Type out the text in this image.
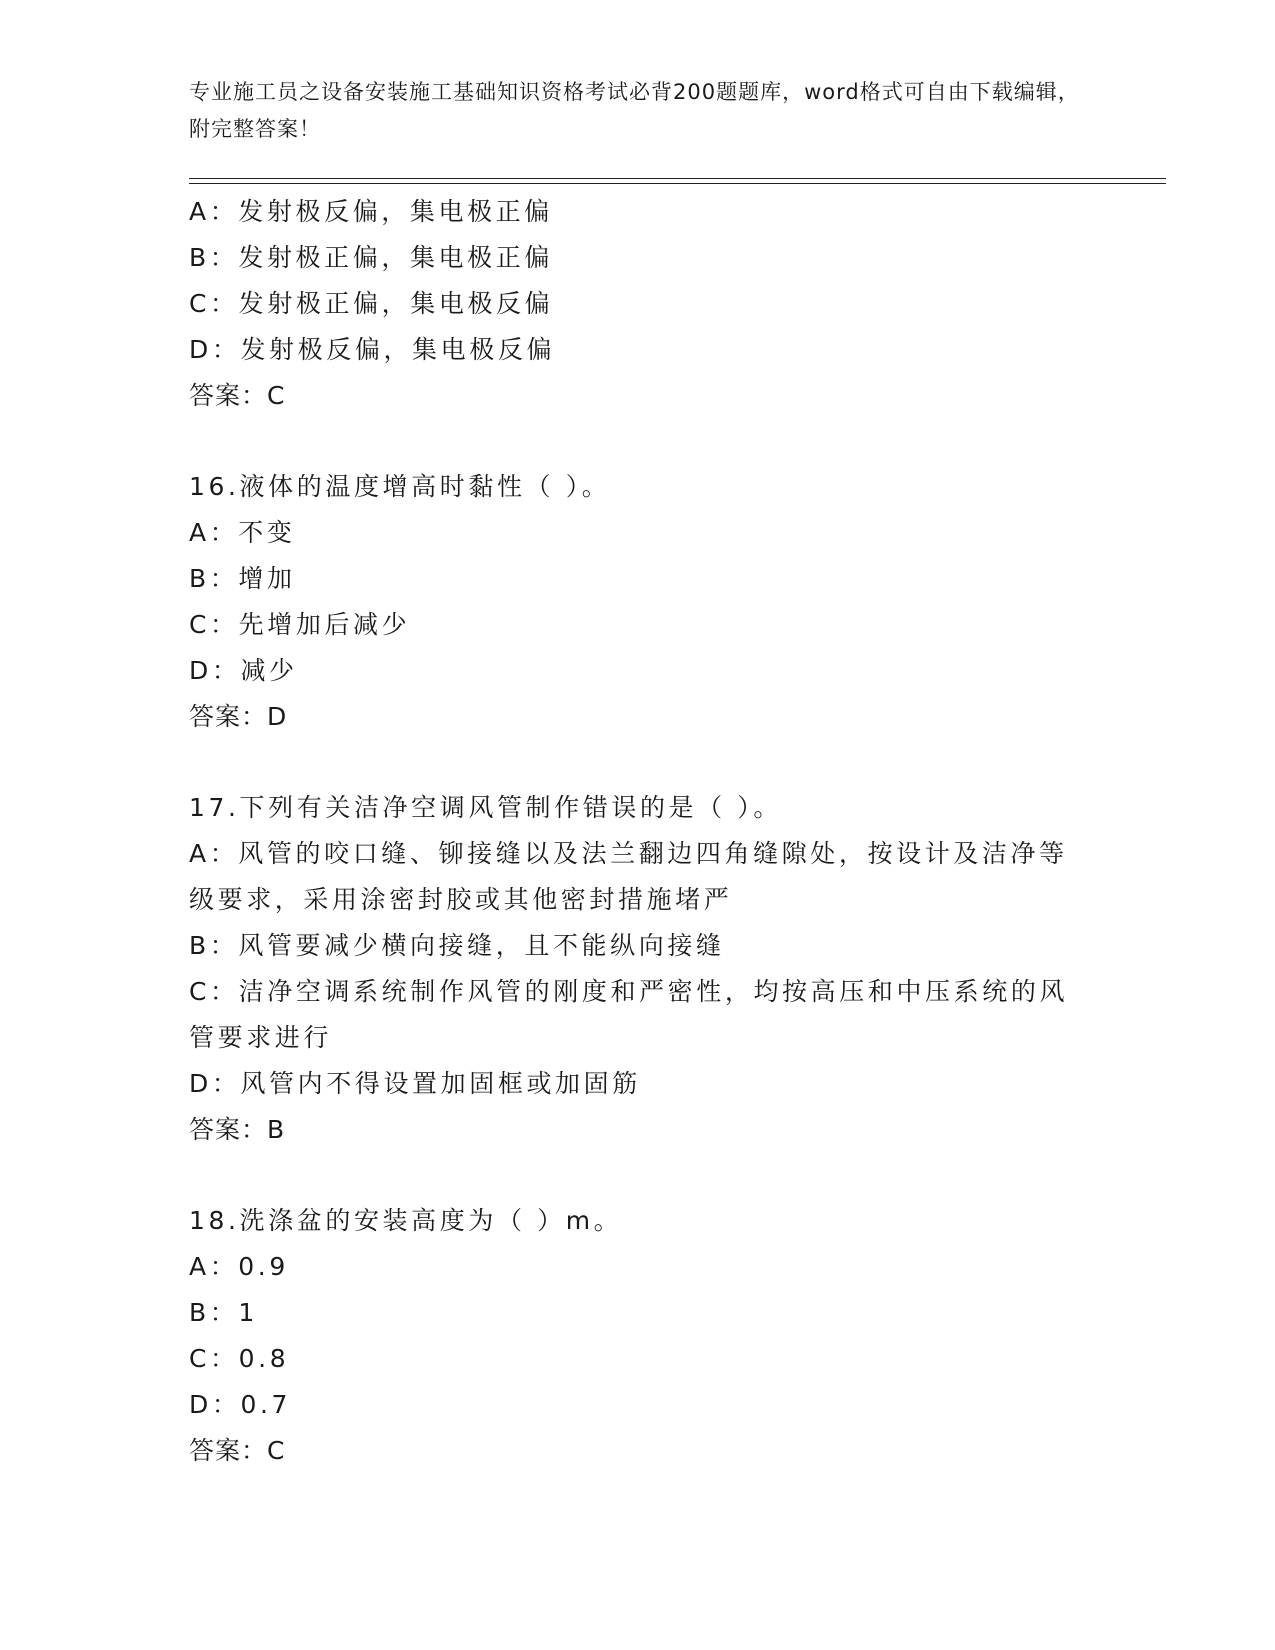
专业施工员之设备安装施工基础知识资格考试必背200题题库，word格式可自由下载编辑，附完整答案！
A：发射极反偏，集电极正偏
B：发射极正偏，集电极正偏
C：发射极正偏，集电极反偏
D：发射极反偏，集电极反偏
答案：C
16.液体的温度增高时黏性（ ）。
A：不变
B：增加
C：先增加后减少
D：减少
答案：D
17.下列有关洁净空调风管制作错误的是（ ）。
A：风管的咬口缝、铆接缝以及法兰翻边四角缝隙处，按设计及洁净等级要求，采用涂密封胶或其他密封措施堵严
B：风管要减少横向接缝，且不能纵向接缝
C：洁净空调系统制作风管的刚度和严密性，均按高压和中压系统的风管要求进行
D：风管内不得设置加固框或加固筋
答案：B
18.洗涤盆的安装高度为（ ）m。
A：0.9
B：1
C：0.8
D：0.7
答案：C
